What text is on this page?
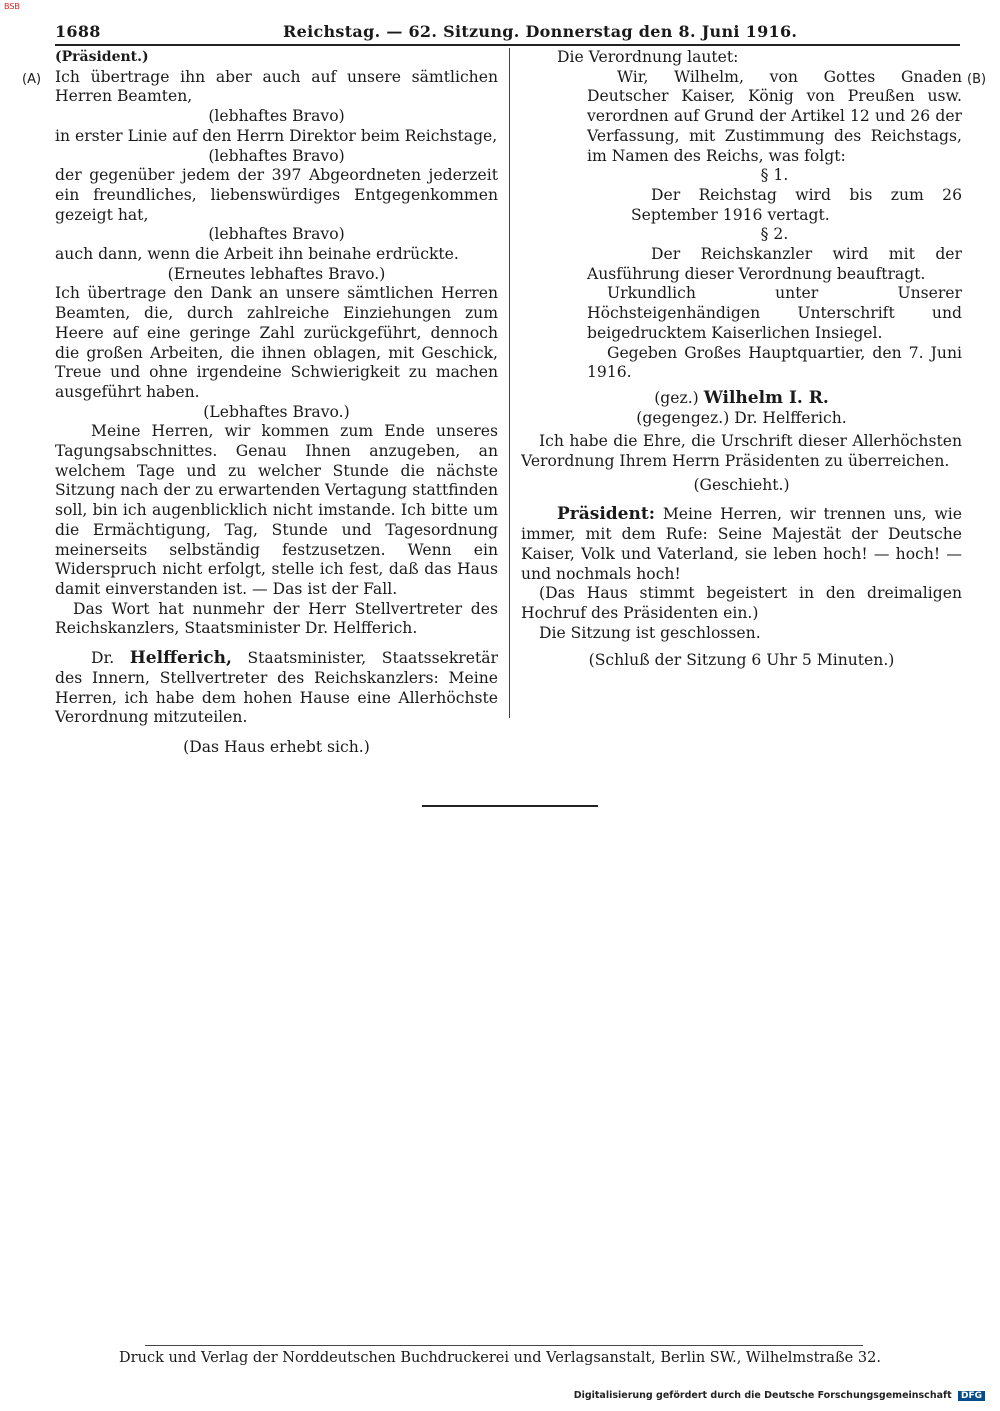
BSB
1688	Reichstag. — 62. Sitzung. Donnerstag den 8. Juni 1916.
(A)	(B)

(Präsident.)

Ich übertrage ihn aber auch auf unsere sämtlichen Herren Beamten,

(lebhaftes Bravo)

in erster Linie auf den Herrn Direktor beim Reichstage,

(lebhaftes Bravo)

der gegenüber jedem der 397 Abgeordneten jederzeit ein freundliches, liebenswürdiges Entgegenkommen gezeigt hat,

(lebhaftes Bravo)

auch dann, wenn die Arbeit ihn beinahe erdrückte.

(Erneutes lebhaftes Bravo.)

Ich übertrage den Dank an unsere sämtlichen Herren Beamten, die, durch zahlreiche Einziehungen zum Heere auf eine geringe Zahl zurückgeführt, dennoch die großen Arbeiten, die ihnen oblagen, mit Geschick, Treue und ohne irgendeine Schwierigkeit zu machen ausgeführt haben.

(Lebhaftes Bravo.)

Meine Herren, wir kommen zum Ende unseres Tagungsabschnittes. Genau Ihnen anzugeben, an welchem Tage und zu welcher Stunde die nächste Sitzung nach der zu erwartenden Vertagung stattfinden soll, bin ich augenblicklich nicht imstande. Ich bitte um die Ermächtigung, Tag, Stunde und Tagesordnung meinerseits selbständig festzusetzen. Wenn ein Widerspruch nicht erfolgt, stelle ich fest, daß das Haus damit einverstanden ist. — Das ist der Fall.

Das Wort hat nunmehr der Herr Stellvertreter des Reichskanzlers, Staatsminister Dr. Helfferich.

Dr. Helfferich, Staatsminister, Staatssekretär des Innern, Stellvertreter des Reichskanzlers: Meine Herren, ich habe dem hohen Hause eine Allerhöchste Verordnung mitzuteilen.

(Das Haus erhebt sich.)

Die Verordnung lautet:

Wir, Wilhelm, von Gottes Gnaden Deutscher Kaiser, König von Preußen usw. verordnen auf Grund der Artikel 12 und 26 der Verfassung, mit Zustimmung des Reichstags, im Namen des Reichs, was folgt:

§ 1.

Der Reichstag wird bis zum 26 September 1916 vertagt.

§ 2.

Der Reichskanzler wird mit der Ausführung dieser Verordnung beauftragt.

Urkundlich unter Unserer Höchsteigenhändigen Unterschrift und beigedrucktem Kaiserlichen Insiegel.

Gegeben Großes Hauptquartier, den 7. Juni 1916.

(gez.) Wilhelm I. R.

(gegengez.) Dr. Helfferich.

Ich habe die Ehre, die Urschrift dieser Allerhöchsten Verordnung Ihrem Herrn Präsidenten zu überreichen.

(Geschieht.)

Präsident: Meine Herren, wir trennen uns, wie immer, mit dem Rufe: Seine Majestät der Deutsche Kaiser, Volk und Vaterland, sie leben hoch! — hoch! — und nochmals hoch!

(Das Haus stimmt begeistert in den dreimaligen Hochruf des Präsidenten ein.)

Die Sitzung ist geschlossen.

(Schluß der Sitzung 6 Uhr 5 Minuten.)

Druck und Verlag der Norddeutschen Buchdruckerei und Verlagsanstalt, Berlin SW., Wilhelmstraße 32.
Digitalisierung gefördert durch die Deutsche Forschungsgemeinschaft DFG
